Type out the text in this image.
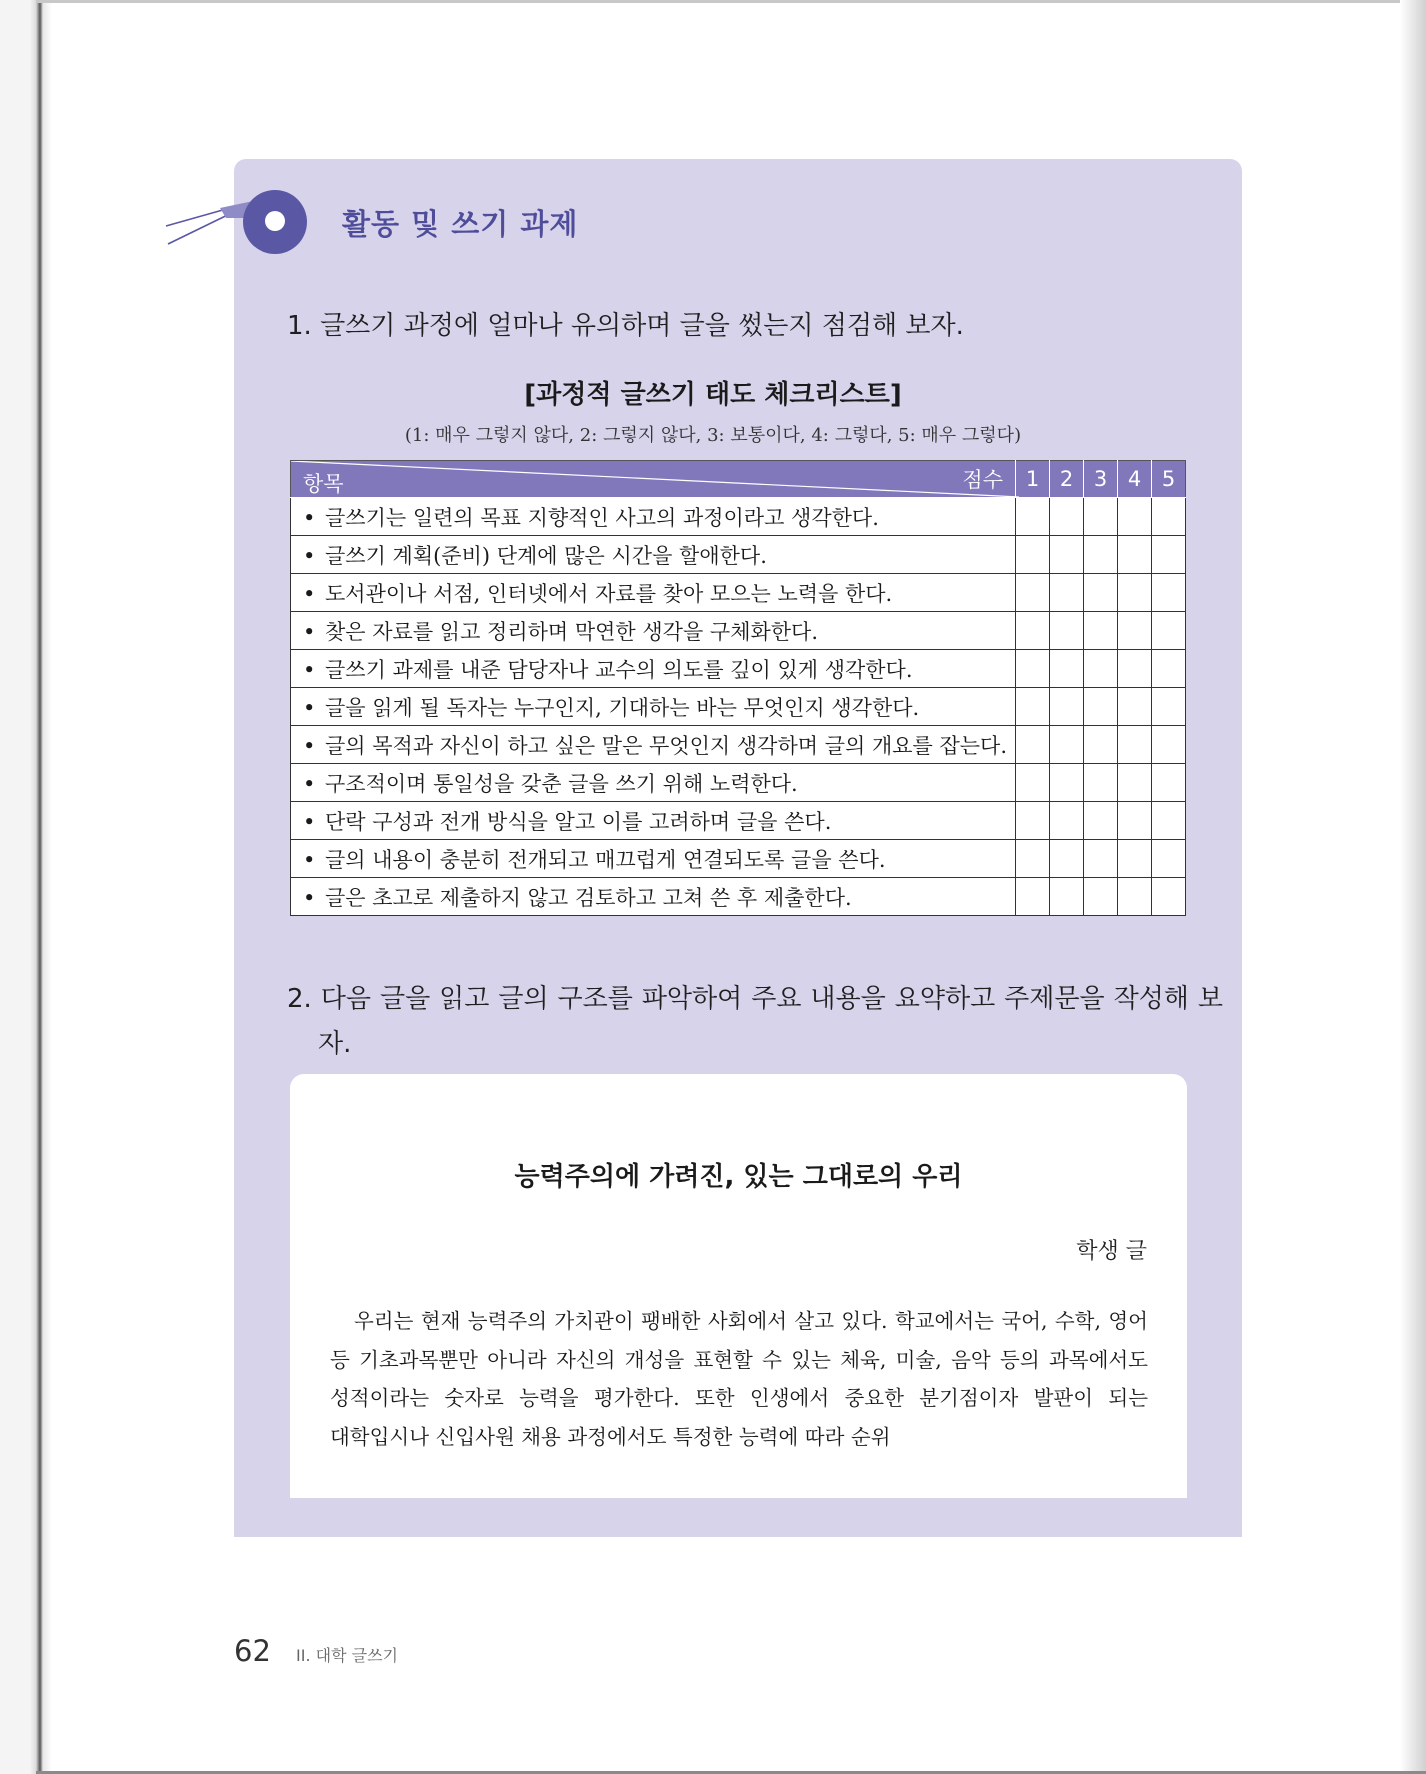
활동 및 쓰기 과제
1. 글쓰기 과정에 얼마나 유의하며 글을 썼는지 점검해 보자.
[과정적 글쓰기 태도 체크리스트]
(1: 매우 그렇지 않다, 2: 그렇지 않다, 3: 보통이다, 4: 그렇다, 5: 매우 그렇다)
항목 점수	1	2	3	4	5
• 글쓰기는 일련의 목표 지향적인 사고의 과정이라고 생각한다.					
• 글쓰기 계획(준비) 단계에 많은 시간을 할애한다.					
• 도서관이나 서점, 인터넷에서 자료를 찾아 모으는 노력을 한다.					
• 찾은 자료를 읽고 정리하며 막연한 생각을 구체화한다.					
• 글쓰기 과제를 내준 담당자나 교수의 의도를 깊이 있게 생각한다.					
• 글을 읽게 될 독자는 누구인지, 기대하는 바는 무엇인지 생각한다.					
• 글의 목적과 자신이 하고 싶은 말은 무엇인지 생각하며 글의 개요를 잡는다.					
• 구조적이며 통일성을 갖춘 글을 쓰기 위해 노력한다.					
• 단락 구성과 전개 방식을 알고 이를 고려하며 글을 쓴다.					
• 글의 내용이 충분히 전개되고 매끄럽게 연결되도록 글을 쓴다.					
• 글은 초고로 제출하지 않고 검토하고 고쳐 쓴 후 제출한다.					
2. 다음 글을 읽고 글의 구조를 파악하여 주요 내용을 요약하고 주제문을 작성해 보자.
능력주의에 가려진, 있는 그대로의 우리
학생 글
우리는 현재 능력주의 가치관이 팽배한 사회에서 살고 있다. 학교에서는 국어, 수학, 영어 등 기초과목뿐만 아니라 자신의 개성을 표현할 수 있는 체육, 미술, 음악 등의 과목에서도 성적이라는 숫자로 능력을 평가한다. 또한 인생에서 중요한 분기점이자 발판이 되는 대학입시나 신입사원 채용 과정에서도 특정한 능력에 따라 순위
62 II. 대학 글쓰기
